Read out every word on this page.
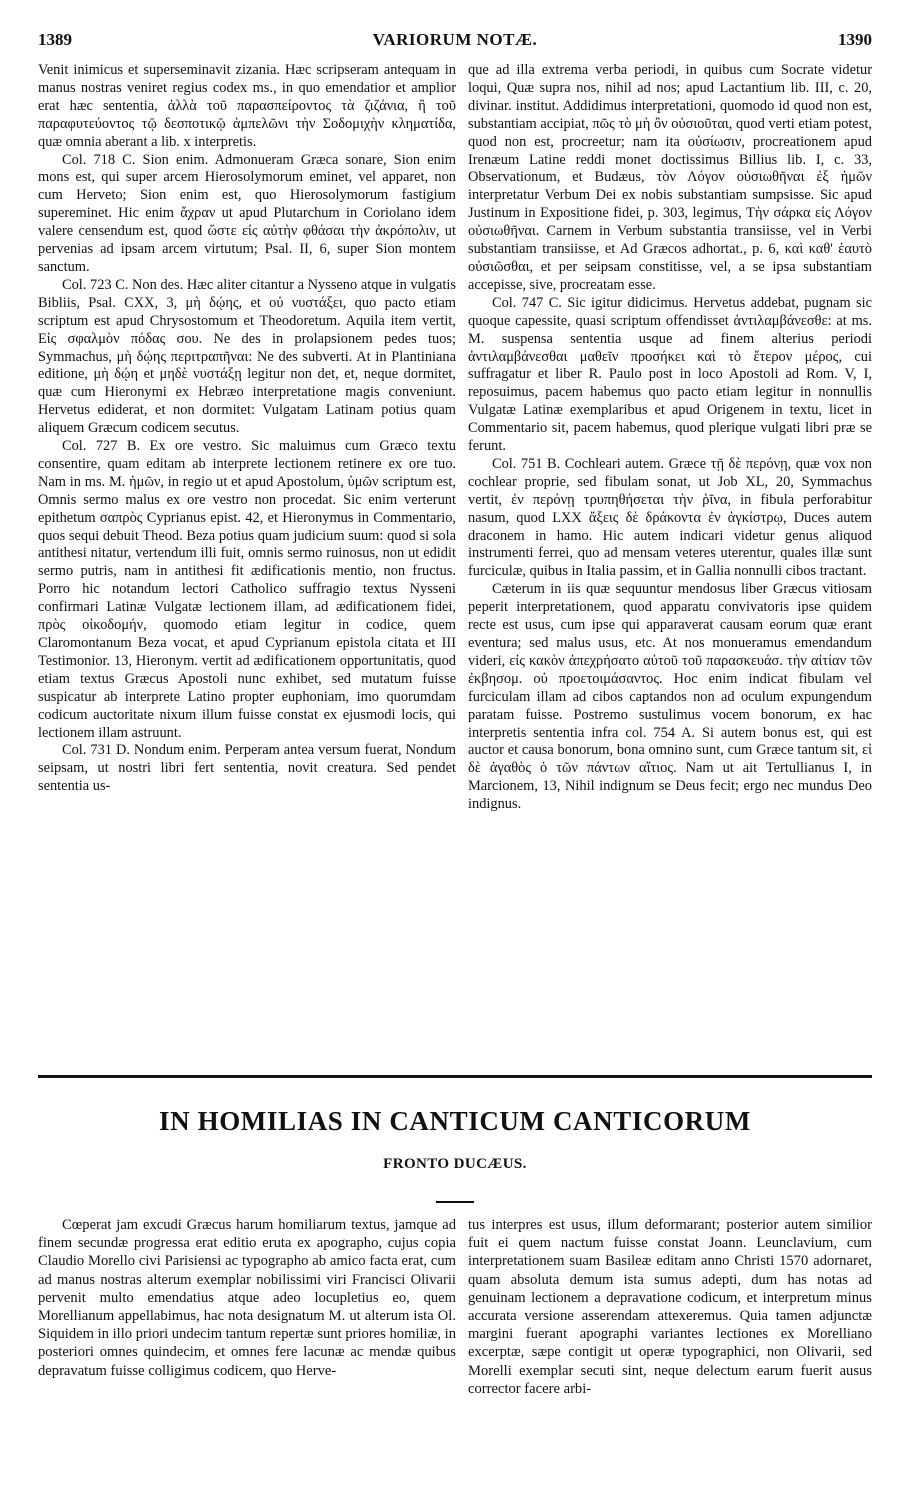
1389	VARIORUM NOTÆ.	1390

Venit inimicus et superseminavit zizania. Hæc scripseram antequam in manus nostras veniret regius codex ms., in quo emendatior et amplior erat hæc sententia, ἀλλὰ τοῦ παρασπείροντος τὰ ζιζάνια, ἢ τοῦ παραφυτεύοντος τῷ δεσποτικῷ ἀμπελῶνι τὴν Σοδομιχὴν κληματίδα, quæ omnia aberant a lib. x interpretis.

Col. 718 C. Sion enim. Admonueram Græca sonare, Sion enim mons est, qui super arcem Hierosolymorum eminet, vel apparet, non cum Herveto; Sion enim est, quo Hierosolymorum fastigium supereminet. Hic enim ἄχραν ut apud Plutarchum in Coriolano idem valere censendum est, quod ὥστε εἰς αὐτὴν φθάσαι τὴν ἀκρόπολιν, ut pervenias ad ipsam arcem virtutum; Psal. II, 6, super Sion montem sanctum.

Col. 723 C. Non des. Hæc aliter citantur a Nysseno atque in vulgatis Bibliis, Psal. CXX, 3, μὴ δῴης, et οὐ νυστάξει, quo pacto etiam scriptum est apud Chrysostomum et Theodoretum. Aquila item vertit, Εἰς σφαλμὸν πόδας σου. Ne des in prolapsionem pedes tuos; Symmachus, μὴ δῴης περιτραπῆναι: Ne des subverti. At in Plantiniana editione, μὴ δῴη et μηδὲ νυστάξῃ legitur non det, et, neque dormitet, quæ cum Hieronymi ex Hebræo interpretatione magis conveniunt. Hervetus ediderat, et non dormitet: Vulgatam Latinam potius quam aliquem Græcum codicem secutus.

Col. 727 B. Ex ore vestro. Sic maluimus cum Græco textu consentire, quam editam ab interprete lectionem retinere ex ore tuo. Nam in ms. M. ἡμῶν, in regio ut et apud Apostolum, ὑμῶν scriptum est, Omnis sermo malus ex ore vestro non procedat. Sic enim verterunt epithetum σαπρὸς Cyprianus epist. 42, et Hieronymus in Commentario, quos sequi debuit Theod. Beza potius quam judicium suum: quod si sola antithesi nitatur, vertendum illi fuit, omnis sermo ruinosus, non ut edidit sermo putris, nam in antithesi fit ædificationis mentio, non fructus. Porro hic notandum lectori Catholico suffragio textus Nysseni confirmari Latinæ Vulgatæ lectionem illam, ad ædificationem fidei, πρὸς οἰκοδομήν, quomodo etiam legitur in codice, quem Claromontanum Beza vocat, et apud Cyprianum epistola citata et III Testimonior. 13, Hieronym. vertit ad ædificationem opportunitatis, quod etiam textus Græcus Apostoli nunc exhibet, sed mutatum fuisse suspicatur ab interprete Latino propter euphoniam, imo quorumdam codicum auctoritate nixum illum fuisse constat ex ejusmodi locis, qui lectionem illam astruunt.

Col. 731 D. Nondum enim. Perperam antea versum fuerat, Nondum seipsam, ut nostri libri fert sententia, novit creatura. Sed pendet sententia us-

que ad illa extrema verba periodi, in quibus cum Socrate videtur loqui, Quæ supra nos, nihil ad nos; apud Lactantium lib. III, c. 20, divinar. institut. Addidimus interpretationi, quomodo id quod non est, substantiam accipiat, πῶς τὸ μὴ ὂν οὐσιοῦται, quod verti etiam potest, quod non est, procreetur; nam ita οὐσίωσιν, procreationem apud Irenæum Latine reddi monet doctissimus Billius lib. I, c. 33, Observationum, et Budæus, τὸν Λόγον οὐσιωθῆναι ἐξ ἡμῶν interpretatur Verbum Dei ex nobis substantiam sumpsisse. Sic apud Justinum in Expositione fidei, p. 303, legimus, Τὴν σάρκα εἰς Λόγον οὐσιωθῆναι. Carnem in Verbum substantia transiisse, vel in Verbi substantiam transiisse, et Ad Græcos adhortat., p. 6, καὶ καθ' ἑαυτὸ οὐσιῶσθαι, et per seipsam constitisse, vel, a se ipsa substantiam accepisse, sive, procreatam esse.

Col. 747 C. Sic igitur didicimus. Hervetus addebat, pugnam sic quoque capessite, quasi scriptum offendisset ἀντιλαμβάνεσθε: at ms. M. suspensa sententia usque ad finem alterius periodi ἀντιλαμβάνεσθαι μαθεῖν προσήκει καὶ τὸ ἕτερον μέρος, cui suffragatur et liber R. Paulo post in loco Apostoli ad Rom. V, I, reposuimus, pacem habemus quo pacto etiam legitur in nonnullis Vulgatæ Latinæ exemplaribus et apud Origenem in textu, licet in Commentario sit, pacem habemus, quod plerique vulgati libri præ se ferunt.

Col. 751 B. Cochleari autem. Græce τῇ δὲ περόνῃ, quæ vox non cochlear proprie, sed fibulam sonat, ut Job XL, 20, Symmachus vertit, ἐν περόνῃ τρυπηθήσεται τὴν ῥῖνα, in fibula perforabitur nasum, quod LXX ἄξεις δὲ δράκοντα ἐν ἀγκίστρῳ, Duces autem draconem in hamo. Hic autem indicari videtur genus aliquod instrumenti ferrei, quo ad mensam veteres uterentur, quales illæ sunt furciculæ, quibus in Italia passim, et in Gallia nonnulli cibos tractant.

Cæterum in iis quæ sequuntur mendosus liber Græcus vitiosam peperit interpretationem, quod apparatu convivatoris ipse quidem recte est usus, cum ipse qui apparaverat causam eorum quæ erant eventura; sed malus usus, etc. At nos monueramus emendandum videri, εἰς κακὸν ἀπεχρήσατο αὐτοῦ τοῦ παρασκευάσ. τὴν αἰτίαν τῶν ἐκβησομ. οὐ προετοιμάσαντος. Hoc enim indicat fibulam vel furciculam illam ad cibos captandos non ad oculum expungendum paratam fuisse. Postremo sustulimus vocem bonorum, ex hac interpretis sententia infra col. 754 A. Si autem bonus est, qui est auctor et causa bonorum, bona omnino sunt, cum Græce tantum sit, εἰ δὲ ἀγαθὸς ὁ τῶν πάντων αἴτιος. Nam ut ait Tertullianus I, in Marcionem, 13, Nihil indignum se Deus fecit; ergo nec mundus Deo indignus.

IN HOMILIAS IN CANTICUM CANTICORUM
FRONTO DUCÆUS.

Cœperat jam excudi Græcus harum homiliarum textus, jamque ad finem secundæ progressa erat editio eruta ex apographo, cujus copia Claudio Morello civi Parisiensi ac typographo ab amico facta erat, cum ad manus nostras alterum exemplar nobilissimi viri Francisci Olivarii pervenit multo emendatius atque adeo locupletius eo, quem Morellianum appellabimus, hac nota designatum M. ut alterum ista Ol. Siquidem in illo priori undecim tantum repertæ sunt priores homiliæ, in posteriori omnes quindecim, et omnes fere lacunæ ac mendæ quibus depravatum fuisse colligimus codicem, quo Herve-

tus interpres est usus, illum deformarant; posterior autem similior fuit ei quem nactum fuisse constat Joann. Leunclavium, cum interpretationem suam Basileæ editam anno Christi 1570 adornaret, quam absoluta demum ista sumus adepti, dum has notas ad genuinam lectionem a depravatione codicum, et interpretum minus accurata versione asserendam attexeremus. Quia tamen adjunctæ margini fuerant apographi variantes lectiones ex Morelliano excerptæ, sæpe contigit ut operæ typographici, non Olivarii, sed Morelli exemplar secuti sint, neque delectum earum fuerit ausus corrector facere arbi-
